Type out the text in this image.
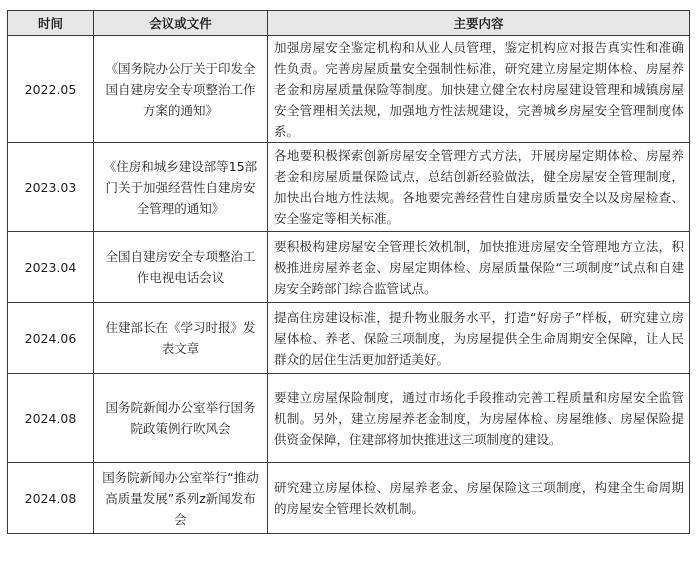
时间	会议或文件	主要内容
2022.05	《国务院办公厅关于印发全国自建房安全专项整治工作方案的通知》	加强房屋安全鉴定机构和从业人员管理，鉴定机构应对报告真实性和准确性负责。完善房屋质量安全强制性标准，研究建立房屋定期体检、房屋养老金和房屋质量保险等制度。加快建立健全农村房屋建设管理和城镇房屋安全管理相关法规，加强地方性法规建设，完善城乡房屋安全管理制度体系。
2023.03	《住房和城乡建设部等15部门关于加强经营性自建房安全管理的通知》	各地要积极探索创新房屋安全管理方式方法，开展房屋定期体检、房屋养老金和房屋质量保险试点，总结创新经验做法，健全房屋安全管理制度，加快出台地方性法规。各地要完善经营性自建房质量安全以及房屋检查、安全鉴定等相关标准。
2023.04	全国自建房安全专项整治工作电视电话会议	要积极构建房屋安全管理长效机制，加快推进房屋安全管理地方立法，积极推进房屋养老金、房屋定期体检、房屋质量保险“三项制度”试点和自建房安全跨部门综合监管试点。
2024.06	住建部长在《学习时报》发表文章	提高住房建设标准，提升物业服务水平，打造“好房子”样板，研究建立房屋体检、养老、保险三项制度，为房屋提供全生命周期安全保障，让人民群众的居住生活更加舒适美好。
2024.08	国务院新闻办公室举行国务院政策例行吹风会	要建立房屋保险制度，通过市场化手段推动完善工程质量和房屋安全监管机制。另外，建立房屋养老金制度，为房屋体检、房屋维修、房屋保险提供资金保障，住建部将加快推进这三项制度的建设。
2024.08	国务院新闻办公室举行“推动高质量发展”系列z新闻发布会	研究建立房屋体检、房屋养老金、房屋保险这三项制度，构建全生命周期的房屋安全管理长效机制。
